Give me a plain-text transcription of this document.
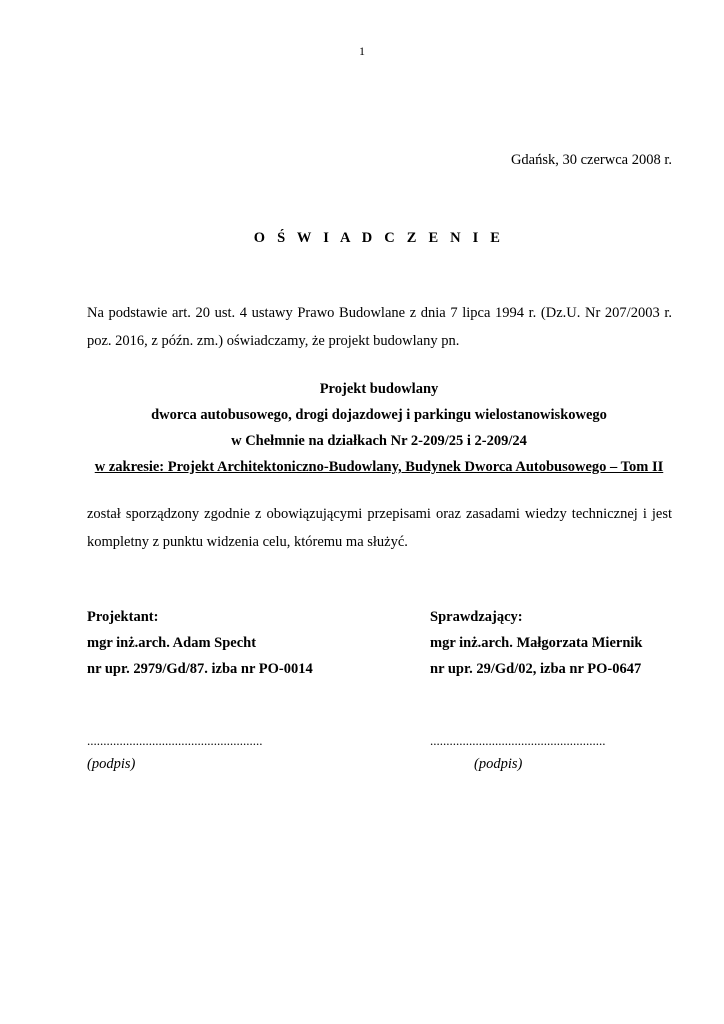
1
Gdańsk, 30 czerwca 2008 r.
O Ś W I A D C Z E N I E

Na podstawie art. 20 ust. 4 ustawy Prawo Budowlane z dnia 7 lipca 1994 r. (Dz.U. Nr 207/2003 r. poz. 2016, z późn. zm.) oświadczamy, że projekt budowlany pn.

Projekt budowlany
dworca autobusowego, drogi dojazdowej i parkingu wielostanowiskowego
w Chełmnie na działkach Nr 2-209/25 i 2-209/24
w zakresie: Projekt Architektoniczno-Budowlany, Budynek Dworca Autobusowego – Tom II

został sporządzony zgodnie z obowiązującymi przepisami oraz zasadami wiedzy technicznej i jest kompletny z punktu widzenia celu, któremu ma służyć.

Projektant:
mgr inż.arch. Adam Specht
nr upr. 2979/Gd/87. izba nr PO-0014
Sprawdzający:
mgr inż.arch. Małgorzata Miernik
nr upr. 29/Gd/02, izba nr PO-0647
......................................................	......................................................
(podpis)	(podpis)
